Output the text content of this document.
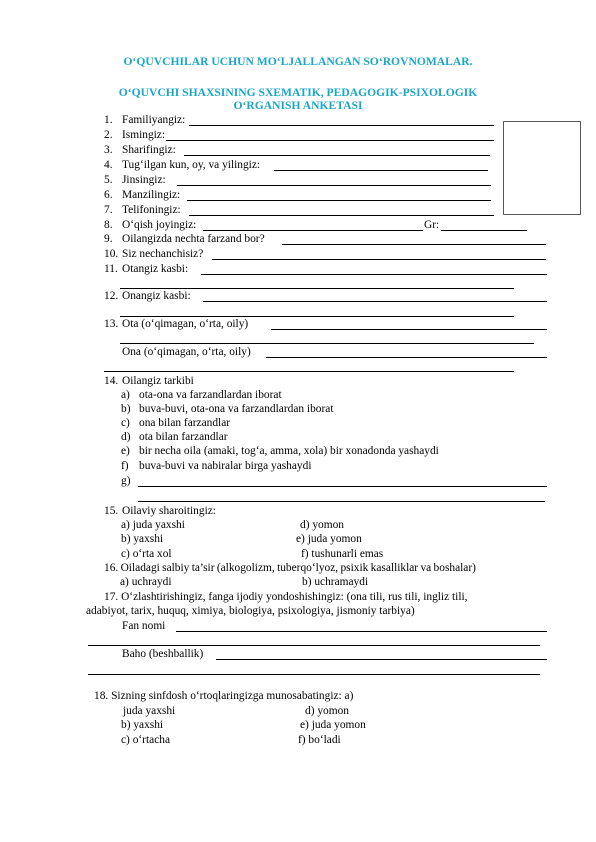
O‘QUVCHILAR UCHUN MO‘LJALLANGAN SO‘ROVNOMALAR.
O‘QUVCHI SHAXSINING SXEMATIK, PEDAGOGIK-PSIXOLOGIK
O‘RGANISH ANKETASI
1. Familiyangiz:
2. Ismingiz:
3. Sharifingiz:
4. Tug‘ilgan kun, oy, va yilingiz:
5. Jinsingiz:
6. Manzilingiz:
7. Telifoningiz:
8. O‘qish joyingiz:	Gr:
9. Oilangizda nechta farzand bor?
10. Siz nechanchisiz?
11. Otangiz kasbi:
12. Onangiz kasbi:
13. Ota (o‘qimagan, o‘rta, oily)
Ona (o‘qimagan, o‘rta, oily)
14. Oilangiz tarkibi
a) ota-ona va farzandlardan iborat
b) buva-buvi, ota-ona va farzandlardan iborat
c) ona bilan farzandlar
d) ota bilan farzandlar
e) bir necha oila (amaki, tog‘a, amma, xola) bir xonadonda yashaydi
f) buva-buvi va nabiralar birga yashaydi
g)
15. Oilaviy sharoitingiz:
a) juda yaxshi	d) yomon
b) yaxshi	e) juda yomon
c) o‘rta xol	f) tushunarli emas
16. Oiladagi salbiy ta’sir (alkogolizm, tuberqo‘lyoz, psixik kasalliklar va boshalar)
a) uchraydi	b) uchramaydi
17. O‘zlashtirishingiz, fanga ijodiy yondoshishingiz: (ona tili, rus tili, ingliz tili,
adabiyot, tarix, huquq, ximiya, biologiya, psixologiya, jismoniy tarbiya)
Fan nomi
Baho (beshballik)
18. Sizning sinfdosh o‘rtoqlaringizga munosabatingiz: a)
juda yaxshi	d) yomon
b) yaxshi	e) juda yomon
c) o‘rtacha	f) bo‘ladi
